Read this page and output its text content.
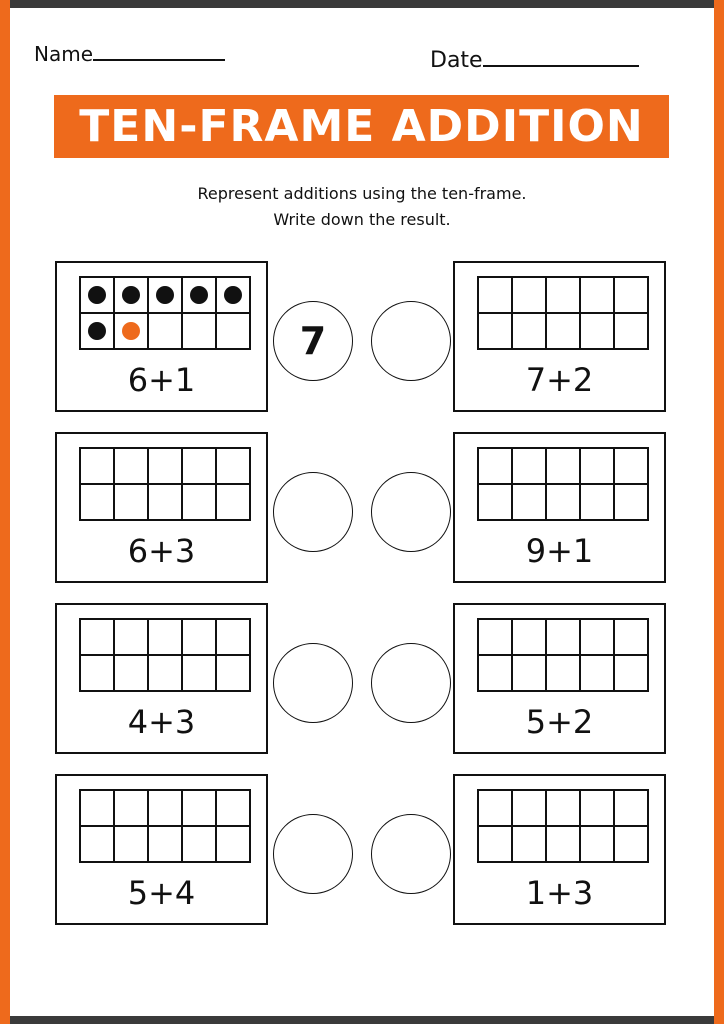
Name	Date
TEN-FRAME ADDITION
Represent additions using the ten-frame.
Write down the result.
6+1
7
7+2
6+3	9+1
4+3	5+2
5+4	1+3
